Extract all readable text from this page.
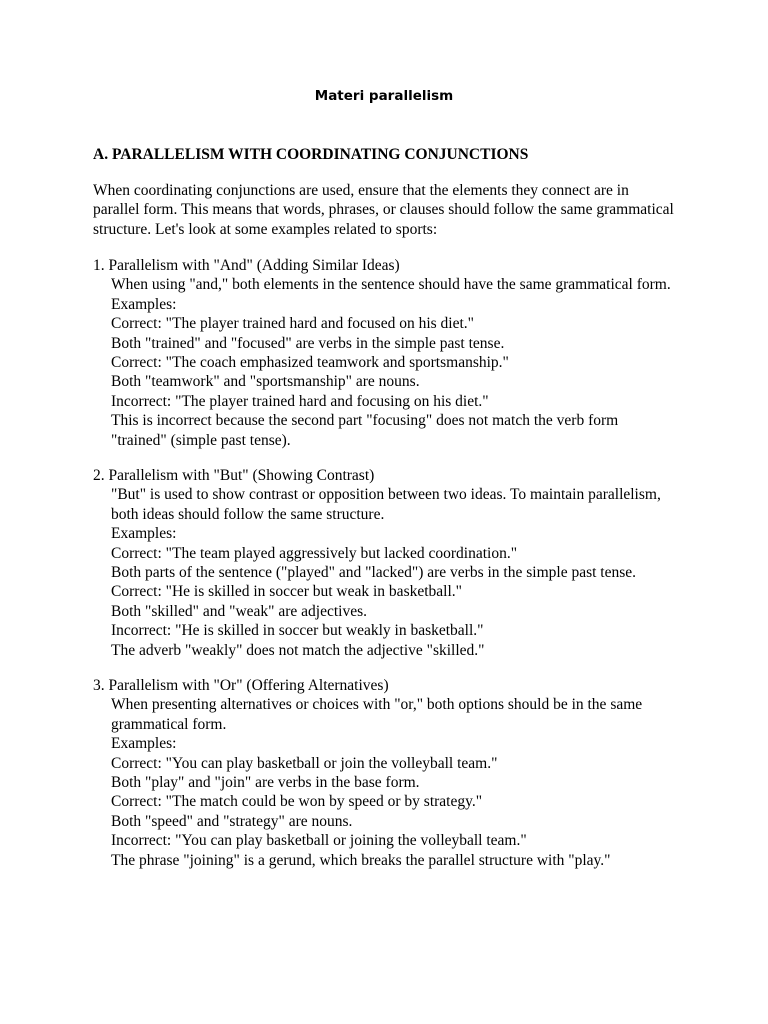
Materi parallelism
A. PARALLELISM WITH COORDINATING CONJUNCTIONS
When coordinating conjunctions are used, ensure that the elements they connect are in
parallel form. This means that words, phrases, or clauses should follow the same grammatical
structure. Let's look at some examples related to sports:
1. Parallelism with "And" (Adding Similar Ideas)
When using "and," both elements in the sentence should have the same grammatical form.
Examples:
Correct: "The player trained hard and focused on his diet."
Both "trained" and "focused" are verbs in the simple past tense.
Correct: "The coach emphasized teamwork and sportsmanship."
Both "teamwork" and "sportsmanship" are nouns.
Incorrect: "The player trained hard and focusing on his diet."
This is incorrect because the second part "focusing" does not match the verb form
"trained" (simple past tense).
2. Parallelism with "But" (Showing Contrast)
"But" is used to show contrast or opposition between two ideas. To maintain parallelism,
both ideas should follow the same structure.
Examples:
Correct: "The team played aggressively but lacked coordination."
Both parts of the sentence ("played" and "lacked") are verbs in the simple past tense.
Correct: "He is skilled in soccer but weak in basketball."
Both "skilled" and "weak" are adjectives.
Incorrect: "He is skilled in soccer but weakly in basketball."
The adverb "weakly" does not match the adjective "skilled."
3. Parallelism with "Or" (Offering Alternatives)
When presenting alternatives or choices with "or," both options should be in the same
grammatical form.
Examples:
Correct: "You can play basketball or join the volleyball team."
Both "play" and "join" are verbs in the base form.
Correct: "The match could be won by speed or by strategy."
Both "speed" and "strategy" are nouns.
Incorrect: "You can play basketball or joining the volleyball team."
The phrase "joining" is a gerund, which breaks the parallel structure with "play."
